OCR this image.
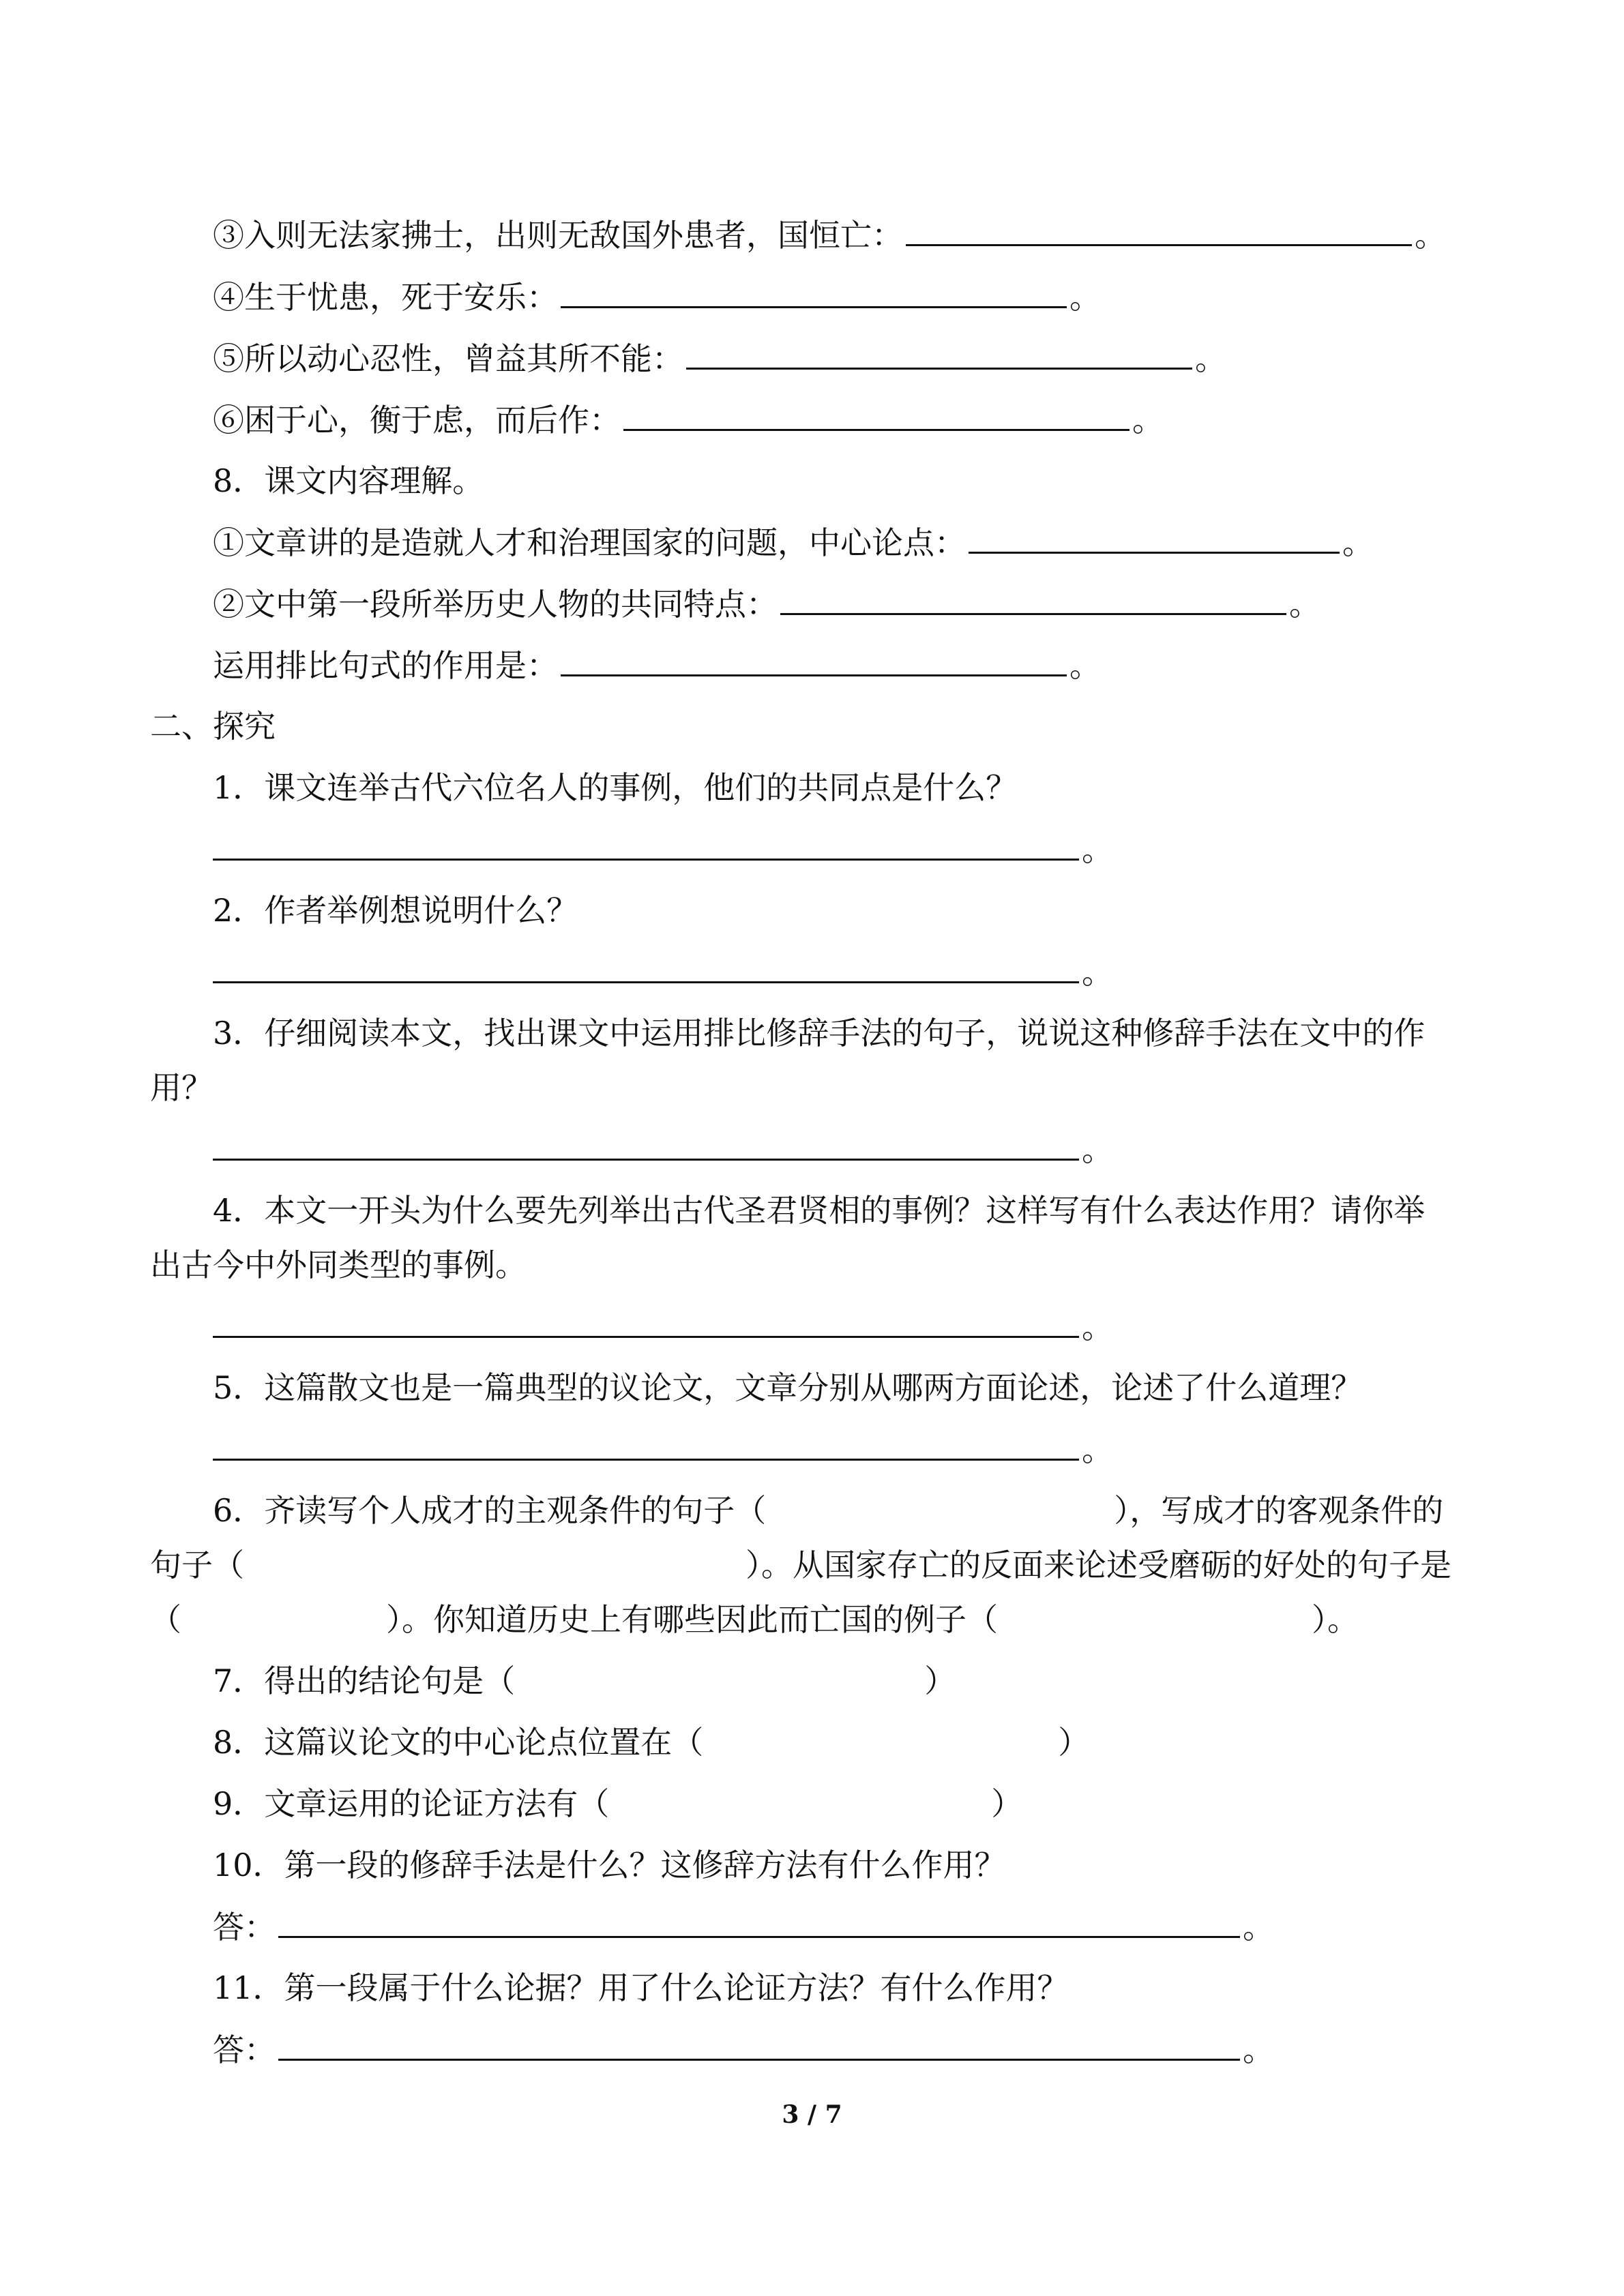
③入则无法家拂士，出则无敌国外患者，国恒亡：	。
④生于忧患，死于安乐：	。
⑤所以动心忍性，曾益其所不能：	。
⑥困于心，衡于虑，而后作：	。
8．课文内容理解。
①文章讲的是造就人才和治理国家的问题，中心论点：	。
②文中第一段所举历史人物的共同特点：	。
运用排比句式的作用是：	。
二、探究
1．课文连举古代六位名人的事例，他们的共同点是什么？
。
2．作者举例想说明什么？
。
3．仔细阅读本文，找出课文中运用排比修辞手法的句子，说说这种修辞手法在文中的作
用？
。
4．本文一开头为什么要先列举出古代圣君贤相的事例？这样写有什么表达作用？请你举
出古今中外同类型的事例。
。
5．这篇散文也是一篇典型的议论文，文章分别从哪两方面论述，论述了什么道理？
。
6．齐读写个人成才的主观条件的句子（	），写成才的客观条件的
句子（	）。从国家存亡的反面来论述受磨砺的好处的句子是
（	）。你知道历史上有哪些因此而亡国的例子（	）。
7．得出的结论句是（	）
8．这篇议论文的中心论点位置在（	）
9．文章运用的论证方法有（	）
10．第一段的修辞手法是什么？这修辞方法有什么作用？
答：	。
11．第一段属于什么论据？用了什么论证方法？有什么作用？
答：	。
3 / 7
